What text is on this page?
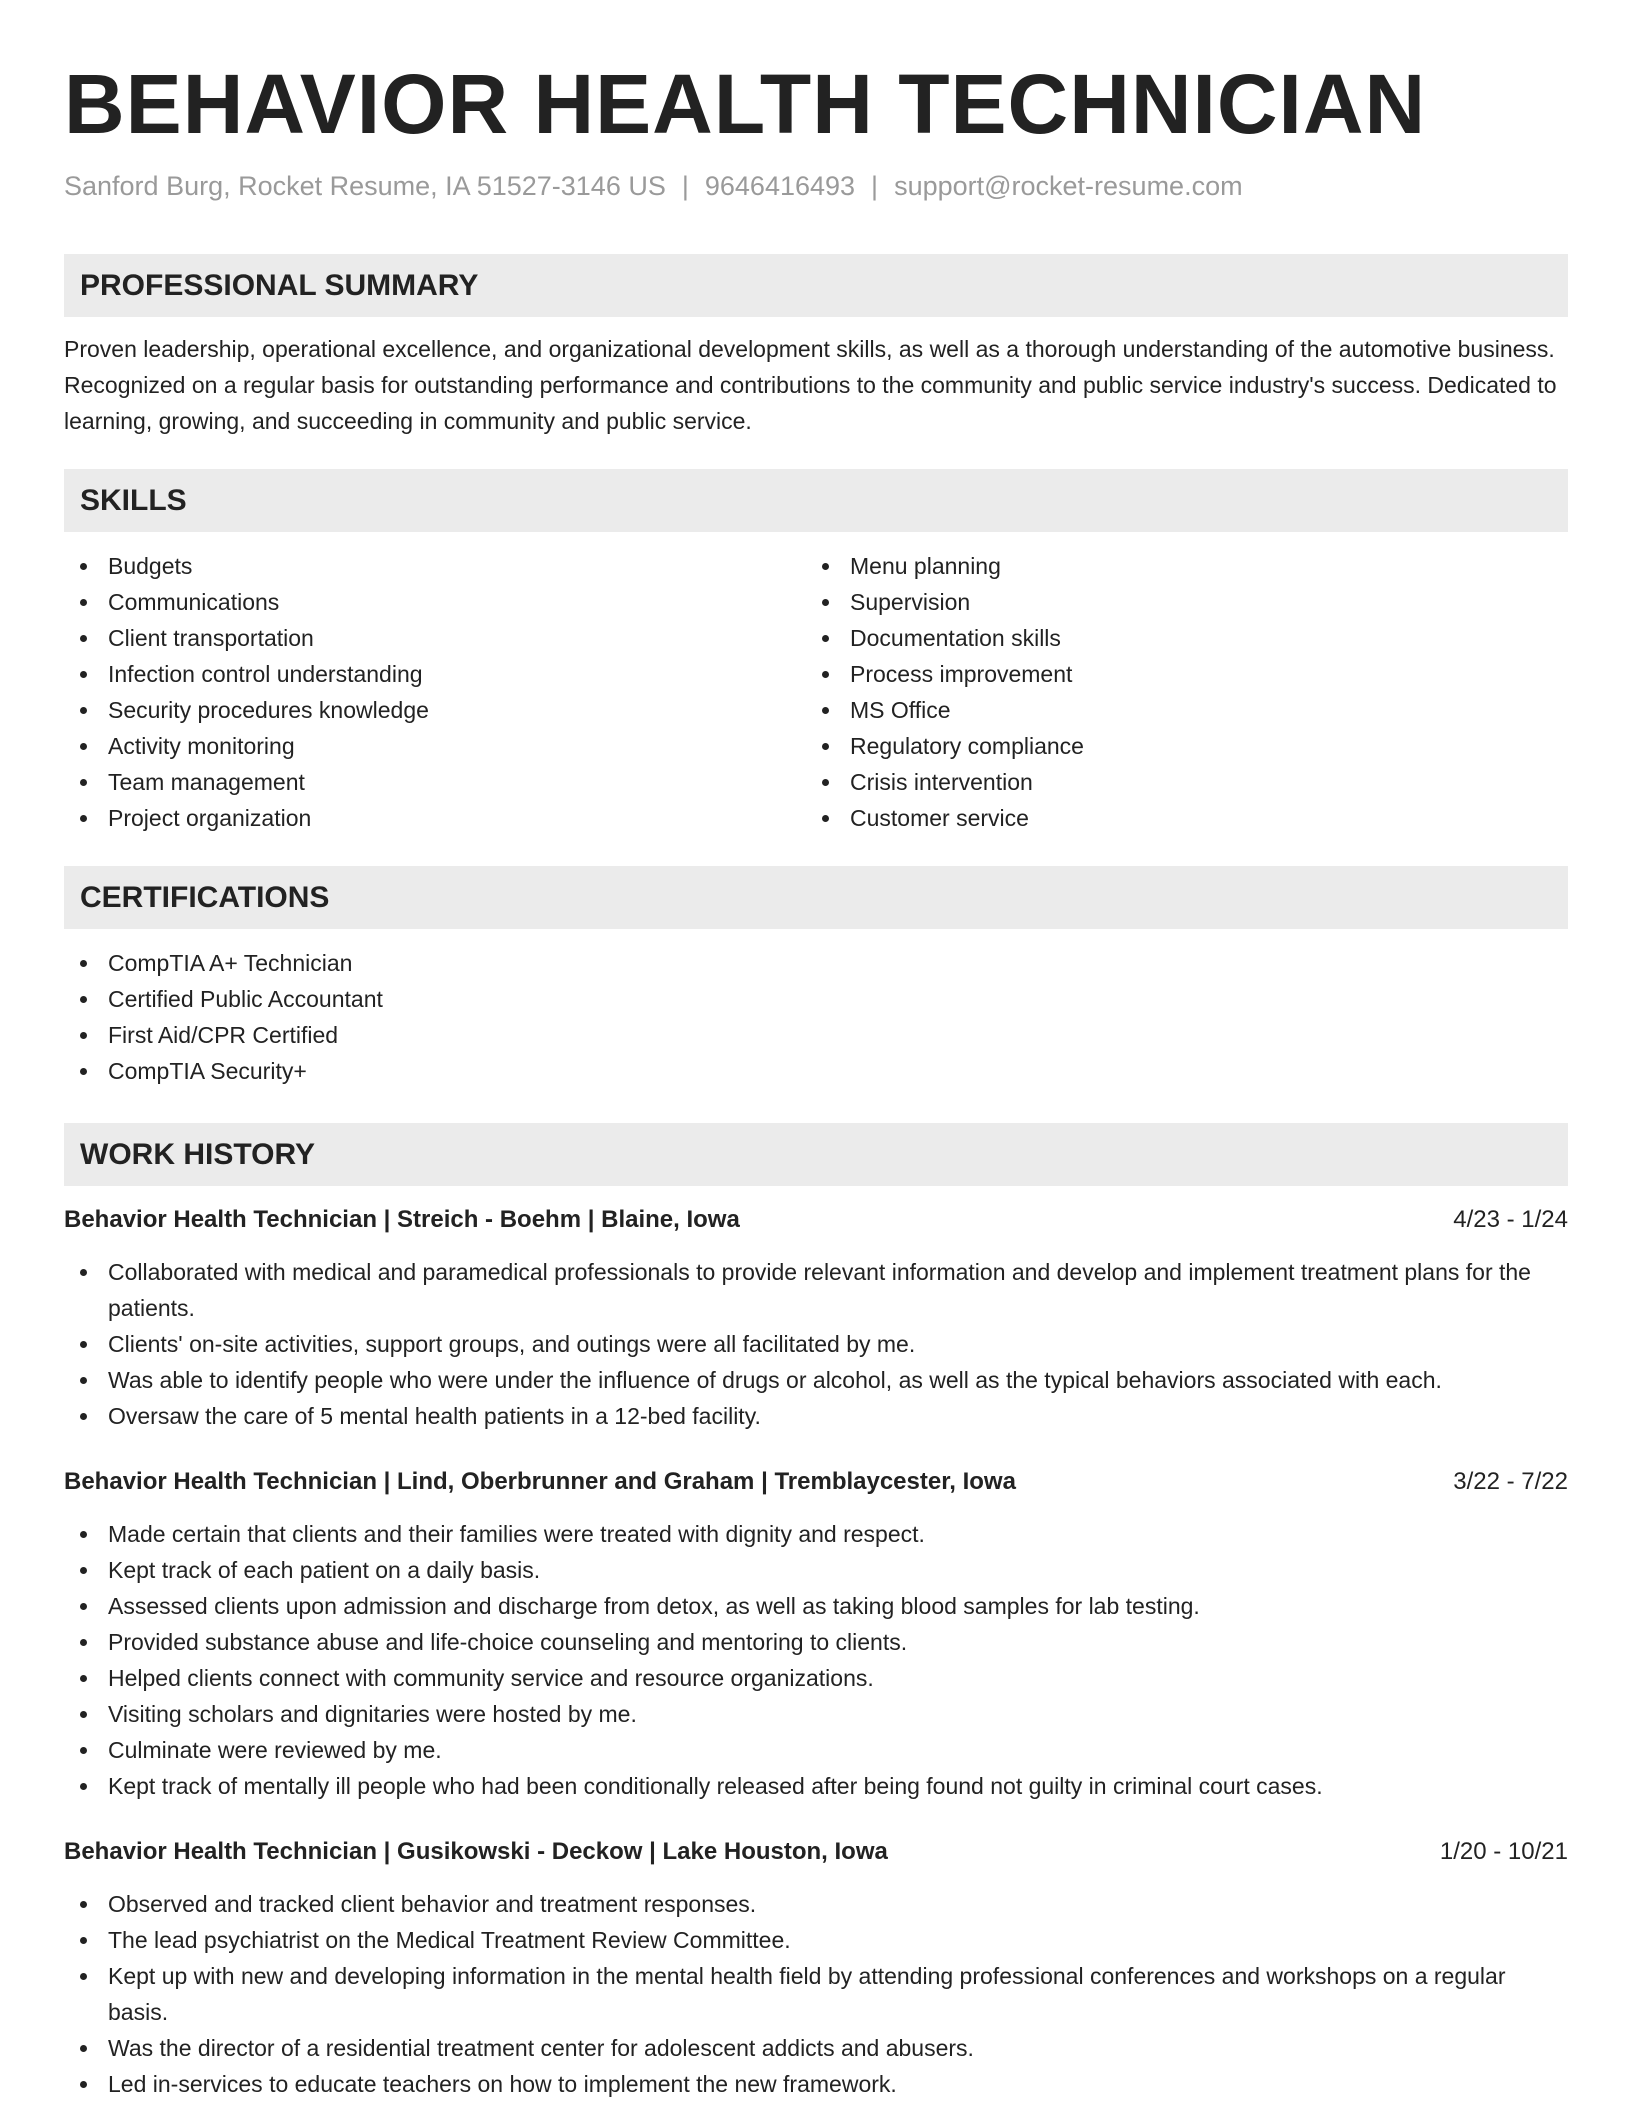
BEHAVIOR HEALTH TECHNICIAN
Sanford Burg, Rocket Resume, IA 51527-3146 US | 9646416493 | support@rocket-resume.com
PROFESSIONAL SUMMARY

Proven leadership, operational excellence, and organizational development skills, as well as a thorough understanding of the automotive business. Recognized on a regular basis for outstanding performance and contributions to the community and public service industry's success. Dedicated to learning, growing, and succeeding in community and public service.

SKILLS
Budgets
Communications
Client transportation
Infection control understanding
Security procedures knowledge
Activity monitoring
Team management
Project organization
Menu planning
Supervision
Documentation skills
Process improvement
MS Office
Regulatory compliance
Crisis intervention
Customer service
CERTIFICATIONS
CompTIA A+ Technician
Certified Public Accountant
First Aid/CPR Certified
CompTIA Security+
WORK HISTORY
Behavior Health Technician | Streich - Boehm | Blaine, Iowa	4/23 - 1/24
Collaborated with medical and paramedical professionals to provide relevant information and develop and implement treatment plans for the patients.
Clients' on-site activities, support groups, and outings were all facilitated by me.
Was able to identify people who were under the influence of drugs or alcohol, as well as the typical behaviors associated with each.
Oversaw the care of 5 mental health patients in a 12-bed facility.
Behavior Health Technician | Lind, Oberbrunner and Graham | Tremblaycester, Iowa	3/22 - 7/22
Made certain that clients and their families were treated with dignity and respect.
Kept track of each patient on a daily basis.
Assessed clients upon admission and discharge from detox, as well as taking blood samples for lab testing.
Provided substance abuse and life-choice counseling and mentoring to clients.
Helped clients connect with community service and resource organizations.
Visiting scholars and dignitaries were hosted by me.
Culminate were reviewed by me.
Kept track of mentally ill people who had been conditionally released after being found not guilty in criminal court cases.
Behavior Health Technician | Gusikowski - Deckow | Lake Houston, Iowa	1/20 - 10/21
Observed and tracked client behavior and treatment responses.
The lead psychiatrist on the Medical Treatment Review Committee.
Kept up with new and developing information in the mental health field by attending professional conferences and workshops on a regular basis.
Was the director of a residential treatment center for adolescent addicts and abusers.
Led in-services to educate teachers on how to implement the new framework.
